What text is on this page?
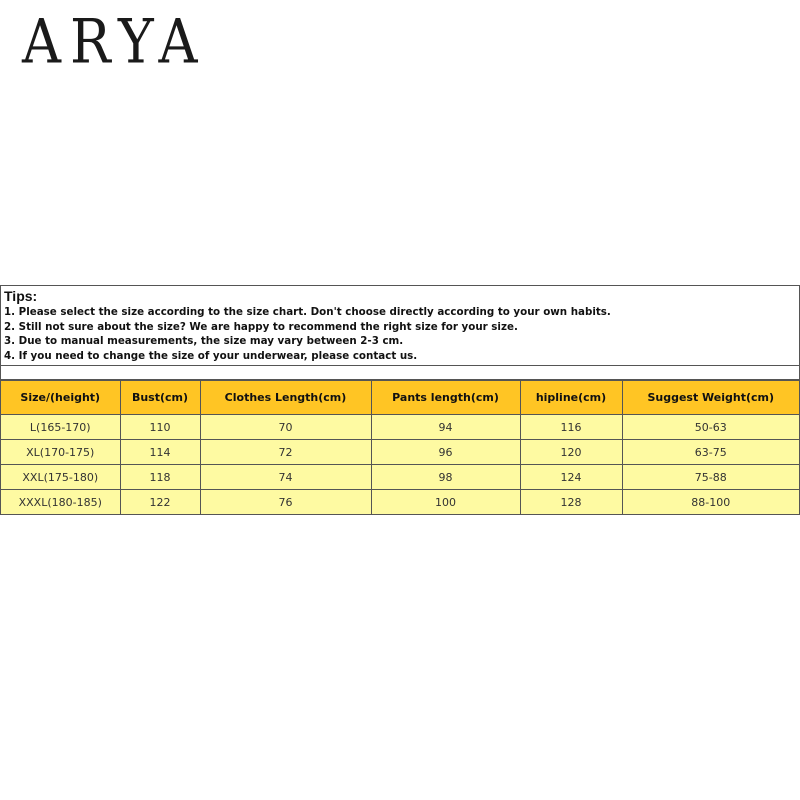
ARYA
Tips:
1. Please select the size according to the size chart. Don't choose directly according to your own habits.
2. Still not sure about the size? We are happy to recommend the right size for your size.
3. Due to manual measurements, the size may vary between 2-3 cm.
4. If you need to change the size of your underwear, please contact us.
Size/(height)	Bust(cm)	Clothes Length(cm)	Pants length(cm)	hipline(cm)	Suggest Weight(cm)
L(165-170)	110	70	94	116	50-63
XL(170-175)	114	72	96	120	63-75
XXL(175-180)	118	74	98	124	75-88
XXXL(180-185)	122	76	100	128	88-100
